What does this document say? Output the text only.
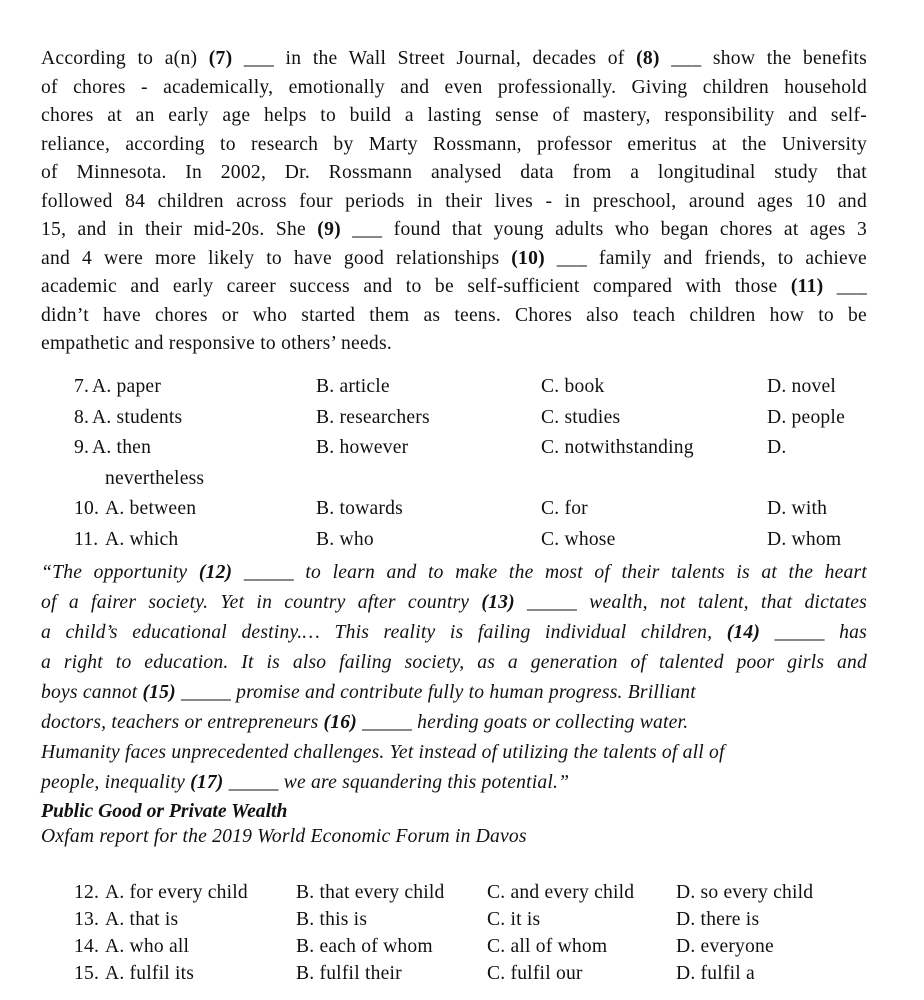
According to a(n) (7) ___ in the Wall Street Journal, decades of (8) ___ show the benefits
of chores - academically, emotionally and even professionally. Giving children household
chores at an early age helps to build a lasting sense of mastery, responsibility and self-
reliance, according to research by Marty Rossmann, professor emeritus at the University
of Minnesota. In 2002, Dr. Rossmann analysed data from a longitudinal study that
followed 84 children across four periods in their lives - in preschool, around ages 10 and
15, and in their mid-20s. She (9) ___ found that young adults who began chores at ages 3
and 4 were more likely to have good relationships (10) ___ family and friends, to achieve
academic and early career success and to be self-sufficient compared with those (11) ___
didn’t have chores or who started them as teens. Chores also teach children how to be
empathetic and responsive to others’ needs.
7. A. paper	B. article	C. book	D. novel
8. A. students	B. researchers	C. studies	D. people
9. A. then	B. however	C. notwithstanding	D.
nevertheless
10. A. between	B. towards	C. for	D. with
11. A. which	B. who	C. whose	D. whom
“The opportunity (12) _____ to learn and to make the most of their talents is at the heart
of a fairer society. Yet in country after country (13) _____ wealth, not talent, that dictates
a child’s educational destiny.… This reality is failing individual children, (14) _____ has
a right to education. It is also failing society, as a generation of talented poor girls and
boys cannot (15) _____ promise and contribute fully to human progress. Brilliant
doctors, teachers or entrepreneurs (16) _____ herding goats or collecting water.
Humanity faces unprecedented challenges. Yet instead of utilizing the talents of all of
people, inequality (17) _____ we are squandering this potential.”
Public Good or Private Wealth
Oxfam report for the 2019 World Economic Forum in Davos
12. A. for every child B. that every child C. and every child D. so every child
13. A. that is	B. this is	C. it is	D. there is
14. A. who all	B. each of whom	C. all of whom	D. everyone
15. A. fulfil its	B. fulfil their	C. fulfil our	D. fulfil a
